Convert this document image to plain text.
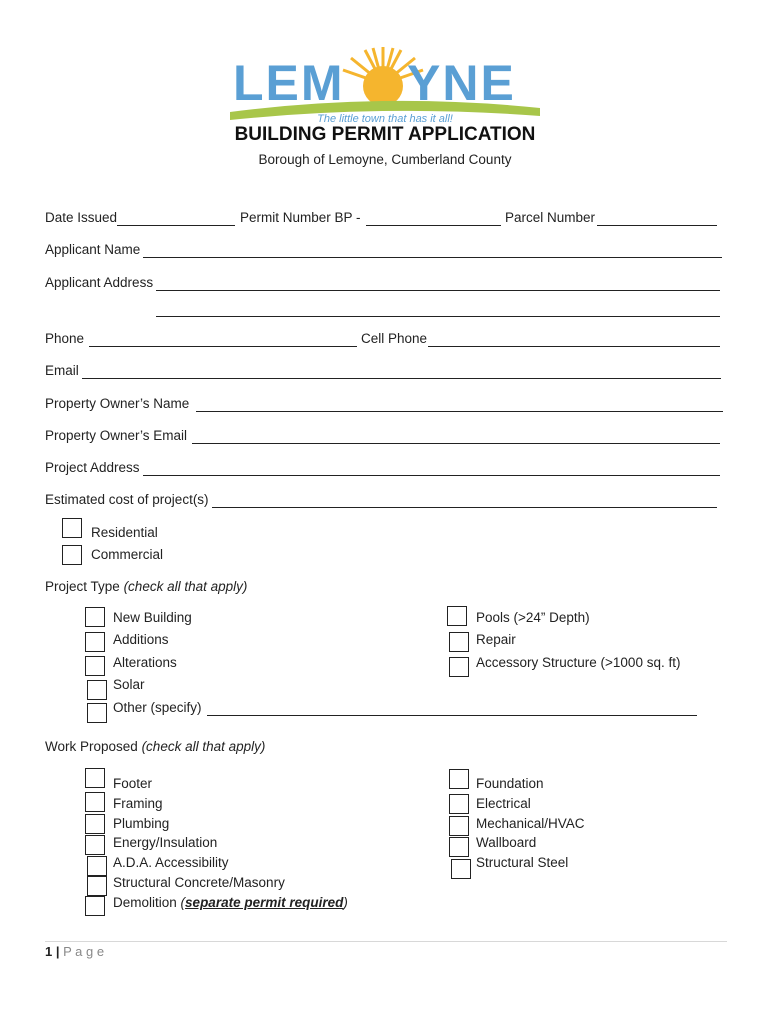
LEM YNE
The little town that has it all!
BUILDING PERMIT APPLICATION
Borough of Lemoyne, Cumberland County
Date Issued	Permit Number BP -	Parcel Number
Applicant Name
Applicant Address
Phone	Cell Phone
Email
Property Owner’s Name
Property Owner’s Email
Project Address
Estimated cost of project(s)
Residential
Commercial
Project Type (check all that apply)
New Building
Additions
Alterations
Solar
Other (specify)
Pools (>24” Depth)
Repair
Accessory Structure (>1000 sq. ft)
Work Proposed (check all that apply)
Footer
Framing
Plumbing
Energy/Insulation
A.D.A. Accessibility
Structural Concrete/Masonry
Demolition (separate permit required)
Foundation
Electrical
Mechanical/HVAC
Wallboard
Structural Steel
1 | P a g e
